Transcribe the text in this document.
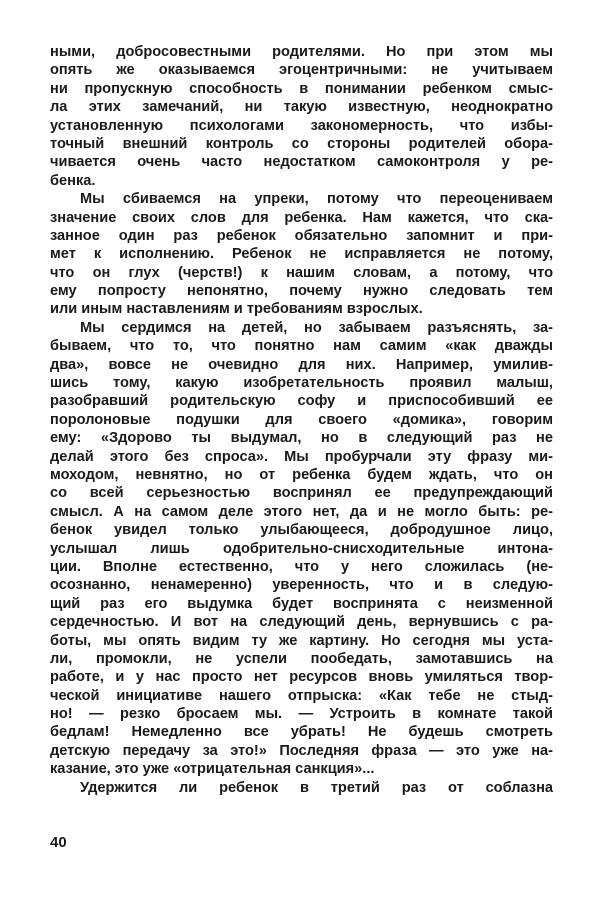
ными, добросовестными родителями. Но при этом мы
опять же оказываемся эгоцентричными: не учитываем
ни пропускную способность в понимании ребенком смыс-
ла этих замечаний, ни такую известную, неоднократно
установленную психологами закономерность, что избы-
точный внешний контроль со стороны родителей обора-
чивается очень часто недостатком самоконтроля у ре-
бенка.
Мы сбиваемся на упреки, потому что переоцениваем
значение своих слов для ребенка. Нам кажется, что ска-
занное один раз ребенок обязательно запомнит и при-
мет к исполнению. Ребенок не исправляется не потому,
что он глух (черств!) к нашим словам, а потому, что
ему попросту непонятно, почему нужно следовать тем
или иным наставлениям и требованиям взрослых.
Мы сердимся на детей, но забываем разъяснять, за-
бываем, что то, что понятно нам самим «как дважды
два», вовсе не очевидно для них. Например, умилив-
шись тому, какую изобретательность проявил малыш,
разобравший родительскую софу и приспособивший ее
поролоновые подушки для своего «домика», говорим
ему: «Здорово ты выдумал, но в следующий раз не
делай этого без спроса». Мы пробурчали эту фразу ми-
моходом, невнятно, но от ребенка будем ждать, что он
со всей серьезностью воспринял ее предупреждающий
смысл. А на самом деле этого нет, да и не могло быть: ре-
бенок увидел только улыбающееся, добродушное лицо,
услышал лишь одобрительно-снисходительные интона-
ции. Вполне естественно, что у него сложилась (не-
осознанно, ненамеренно) уверенность, что и в следую-
щий раз его выдумка будет воспринята с неизменной
сердечностью. И вот на следующий день, вернувшись с ра-
боты, мы опять видим ту же картину. Но сегодня мы уста-
ли, промокли, не успели пообедать, замотавшись на
работе, и у нас просто нет ресурсов вновь умиляться твор-
ческой инициативе нашего отпрыска: «Как тебе не стыд-
но! — резко бросаем мы. — Устроить в комнате такой
бедлам! Немедленно все убрать! Не будешь смотреть
детскую передачу за это!» Последняя фраза — это уже на-
казание, это уже «отрицательная санкция»...
Удержится ли ребенок в третий раз от соблазна
40
